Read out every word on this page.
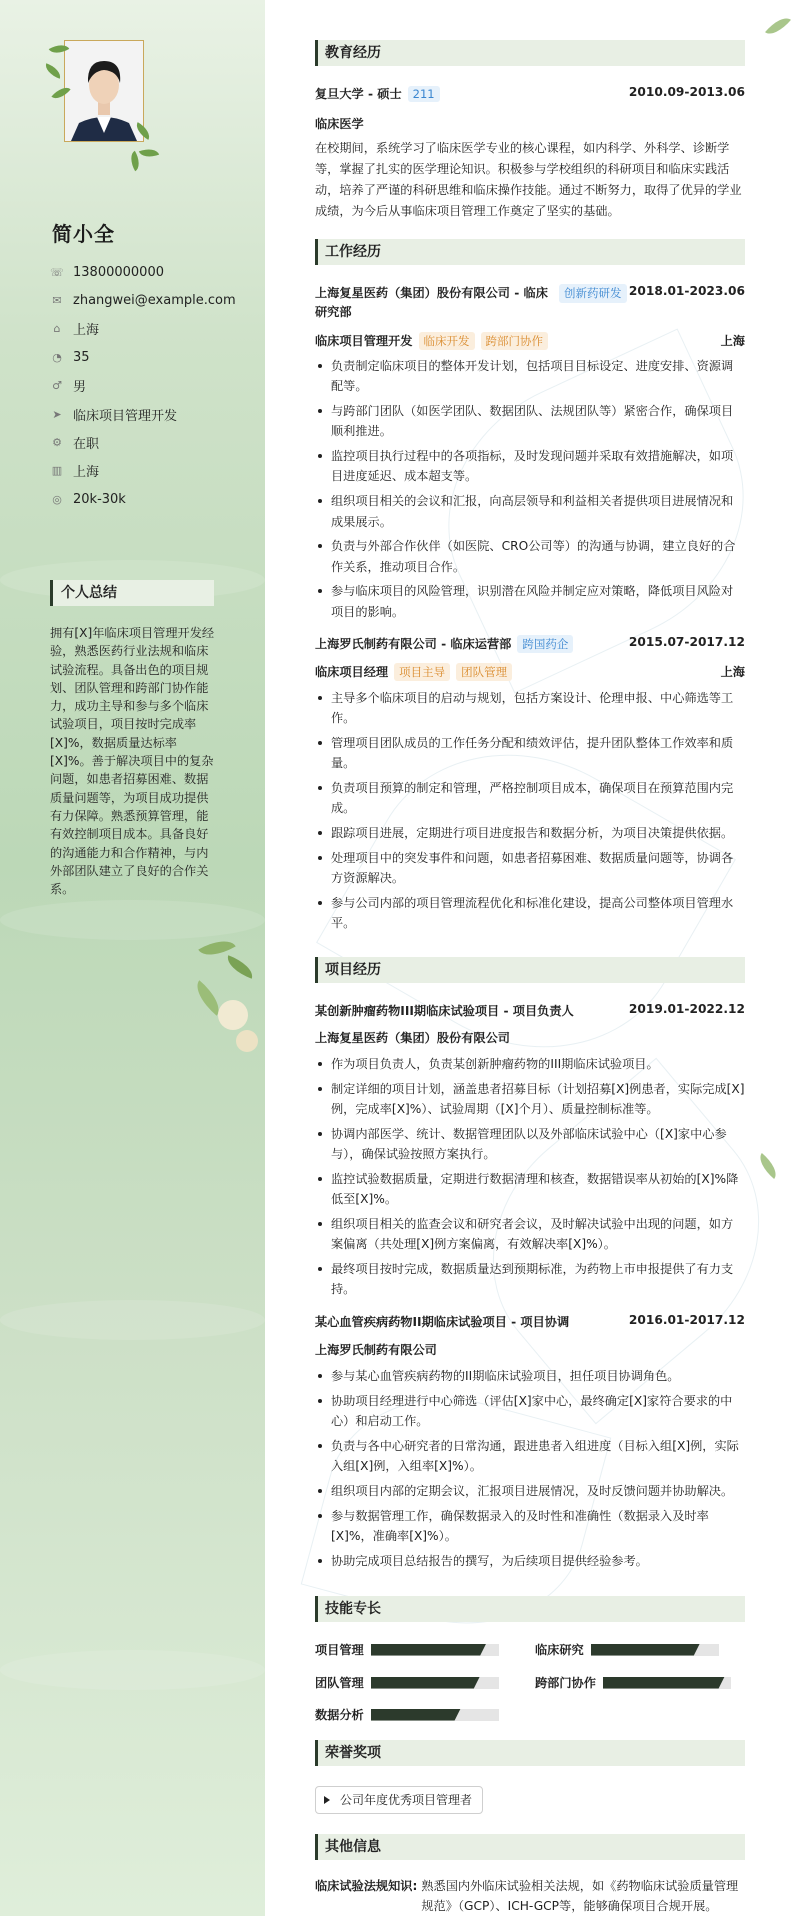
简小全
☏ 13800000000
✉ zhangwei@example.com
⌂ 上海
◔ 35
♂ 男
➤ 临床项目管理开发
⚙ 在职
▥ 上海
◎ 20k-30k
个人总结
拥有[X]年临床项目管理开发经验，熟悉医药行业法规和临床试验流程。具备出色的项目规划、团队管理和跨部门协作能力，成功主导和参与多个临床试验项目，项目按时完成率[X]%，数据质量达标率[X]%。善于解决项目中的复杂问题，如患者招募困难、数据质量问题等，为项目成功提供有力保障。熟悉预算管理，能有效控制项目成本。具备良好的沟通能力和合作精神，与内外部团队建立了良好的合作关系。
教育经历
复旦大学 - 硕士 211	2010.09-2013.06
临床医学
在校期间，系统学习了临床医学专业的核心课程，如内科学、外科学、诊断学等，掌握了扎实的医学理论知识。积极参与学校组织的科研项目和临床实践活动，培养了严谨的科研思维和临床操作技能。通过不断努力，取得了优异的学业成绩，为今后从事临床项目管理工作奠定了坚实的基础。
工作经历
上海复星医药（集团）股份有限公司 - 临床研究部创新药研发 2018.01-2023.06
临床项目管理开发 临床开发 跨部门协作	上海
负责制定临床项目的整体开发计划，包括项目目标设定、进度安排、资源调配等。
与跨部门团队（如医学团队、数据团队、法规团队等）紧密合作，确保项目顺利推进。
监控项目执行过程中的各项指标，及时发现问题并采取有效措施解决，如项目进度延迟、成本超支等。
组织项目相关的会议和汇报，向高层领导和利益相关者提供项目进展情况和成果展示。
负责与外部合作伙伴（如医院、CRO公司等）的沟通与协调，建立良好的合作关系，推动项目合作。
参与临床项目的风险管理，识别潜在风险并制定应对策略，降低项目风险对项目的影响。
上海罗氏制药有限公司 - 临床运营部 跨国药企	2015.07-2017.12
临床项目经理 项目主导 团队管理	上海
主导多个临床项目的启动与规划，包括方案设计、伦理申报、中心筛选等工作。
管理项目团队成员的工作任务分配和绩效评估，提升团队整体工作效率和质量。
负责项目预算的制定和管理，严格控制项目成本，确保项目在预算范围内完成。
跟踪项目进展，定期进行项目进度报告和数据分析，为项目决策提供依据。
处理项目中的突发事件和问题，如患者招募困难、数据质量问题等，协调各方资源解决。
参与公司内部的项目管理流程优化和标准化建设，提高公司整体项目管理水平。
项目经历
某创新肿瘤药物III期临床试验项目 - 项目负责人	2019.01-2022.12
上海复星医药（集团）股份有限公司
作为项目负责人，负责某创新肿瘤药物的III期临床试验项目。
制定详细的项目计划，涵盖患者招募目标（计划招募[X]例患者，实际完成[X]例，完成率[X]%）、试验周期（[X]个月）、质量控制标准等。
协调内部医学、统计、数据管理团队以及外部临床试验中心（[X]家中心参与），确保试验按照方案执行。
监控试验数据质量，定期进行数据清理和核查，数据错误率从初始的[X]%降低至[X]%。
组织项目相关的监查会议和研究者会议，及时解决试验中出现的问题，如方案偏离（共处理[X]例方案偏离，有效解决率[X]%）。
最终项目按时完成，数据质量达到预期标准，为药物上市申报提供了有力支持。
某心血管疾病药物II期临床试验项目 - 项目协调	2016.01-2017.12
上海罗氏制药有限公司
参与某心血管疾病药物的II期临床试验项目，担任项目协调角色。
协助项目经理进行中心筛选（评估[X]家中心，最终确定[X]家符合要求的中心）和启动工作。
负责与各中心研究者的日常沟通，跟进患者入组进度（目标入组[X]例，实际入组[X]例，入组率[X]%）。
组织项目内部的定期会议，汇报项目进展情况，及时反馈问题并协助解决。
参与数据管理工作，确保数据录入的及时性和准确性（数据录入及时率[X]%，准确率[X]%）。
协助完成项目总结报告的撰写，为后续项目提供经验参考。
技能专长
项目管理	临床研究
团队管理	跨部门协作
数据分析
荣誉奖项
公司年度优秀项目管理者
其他信息
临床试验法规知识: 熟悉国内外临床试验相关法规，如《药物临床试验质量管理规范》（GCP）、ICH-GCP等，能够确保项目合规开展。
